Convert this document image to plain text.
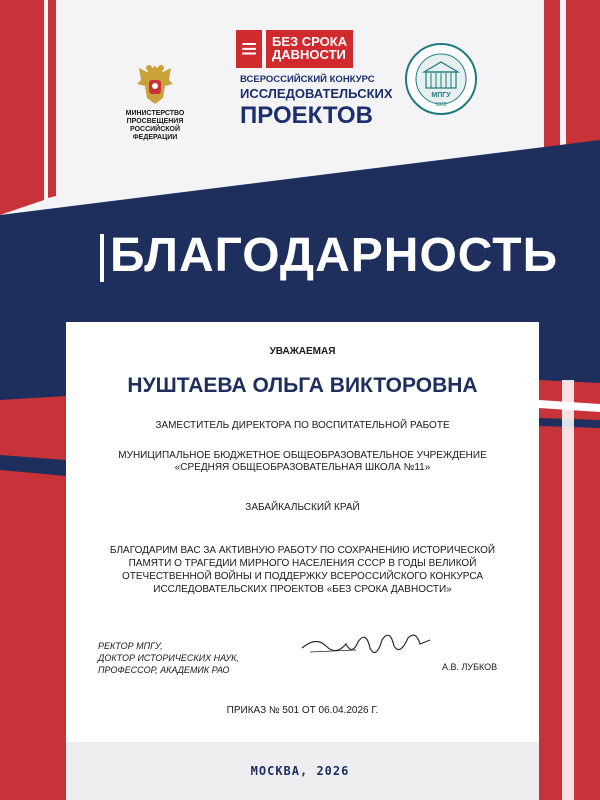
МИНИСТЕРСТВО
ПРОСВЕЩЕНИЯ
РОССИЙСКОЙ
ФЕДЕРАЦИИ
≡	БЕЗ СРОКА
ДАВНОСТИ
ВСЕРОССИЙСКИЙ КОНКУРС
ИССЛЕДОВАТЕЛЬСКИХ
ПРОЕКТОВ
МПГУ
1872
БЛАГОДАРНОСТЬ
УВАЖАЕМАЯ
НУШТАЕВА ОЛЬГА ВИКТОРОВНА
ЗАМЕСТИТЕЛЬ ДИРЕКТОРА ПО ВОСПИТАТЕЛЬНОЙ РАБОТЕ
МУНИЦИПАЛЬНОЕ БЮДЖЕТНОЕ ОБЩЕОБРАЗОВАТЕЛЬНОЕ УЧРЕЖДЕНИЕ
«СРЕДНЯЯ ОБЩЕОБРАЗОВАТЕЛЬНАЯ ШКОЛА №11»
ЗАБАЙКАЛЬСКИЙ КРАЙ
БЛАГОДАРИМ ВАС ЗА АКТИВНУЮ РАБОТУ ПО СОХРАНЕНИЮ ИСТОРИЧЕСКОЙ
ПАМЯТИ О ТРАГЕДИИ МИРНОГО НАСЕЛЕНИЯ СССР В ГОДЫ ВЕЛИКОЙ
ОТЕЧЕСТВЕННОЙ ВОЙНЫ И ПОДДЕРЖКУ ВСЕРОССИЙСКОГО КОНКУРСА
ИССЛЕДОВАТЕЛЬСКИХ ПРОЕКТОВ «БЕЗ СРОКА ДАВНОСТИ»
РЕКТОР МПГУ,
ДОКТОР ИСТОРИЧЕСКИХ НАУК,
ПРОФЕССОР, АКАДЕМИК РАО	А.В. ЛУБКОВ
ПРИКАЗ № 501 ОТ 06.04.2026 Г.
МОСКВА, 2026
